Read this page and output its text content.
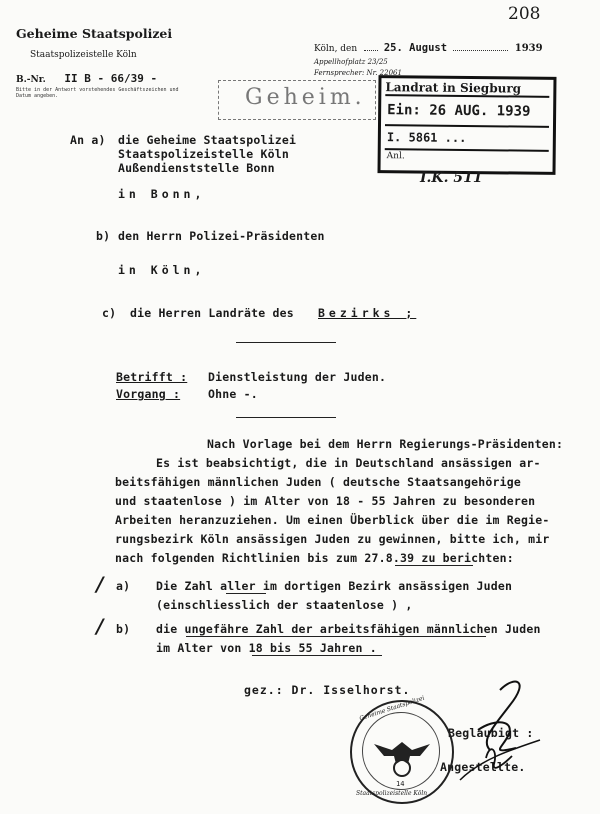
208
Geheime Staatspolizei
Staatspolizeistelle Köln
B.-Nr. II B - 66/39 -
Bitte in der Antwort vorstehendes Geschäftszeichen und Datum angeben.
Köln, den	25. August	1939
Appellhofplatz 23/25
Fernsprecher: Nr. 22061
Geheim. Landrat in Siegburg
Ein: 26 AUG. 1939
I. 5861 ...
Anl.
I.K. 511
An a) die Geheime Staatspolizei
Staatspolizeistelle Köln
Außendienststelle Bonn
in Bonn,
b) den Herrn Polizei-Präsidenten
in Köln,
c) die Herren Landräte des Bezirks ;
Betrifft : Dienstleistung der Juden.
Vorgang : Ohne -.
Nach Vorlage bei dem Herrn Regierungs-Präsidenten:
Es ist beabsichtigt, die in Deutschland ansässigen ar-
beitsfähigen männlichen Juden ( deutsche Staatsangehörige
und staatenlose ) im Alter von 18 - 55 Jahren zu besonderen
Arbeiten heranzuziehen. Um einen Überblick über die im Regie-
rungsbezirk Köln ansässigen Juden zu gewinnen, bitte ich, mir
nach folgenden Richtlinien bis zum 27.8.39 zu berichten:
/ a) Die Zahl aller im dortigen Bezirk ansässigen Juden
(einschliesslich der staatenlose ) ,
/ b) die ungefähre Zahl der arbeitsfähigen männlichen Juden
im Alter von 18 bis 55 Jahren .
gez.: Dr. Isselhorst.
Beglaubigt :
Angestellte.
Geheime Staatspolizei
14
Staatspolizeistelle Köln
